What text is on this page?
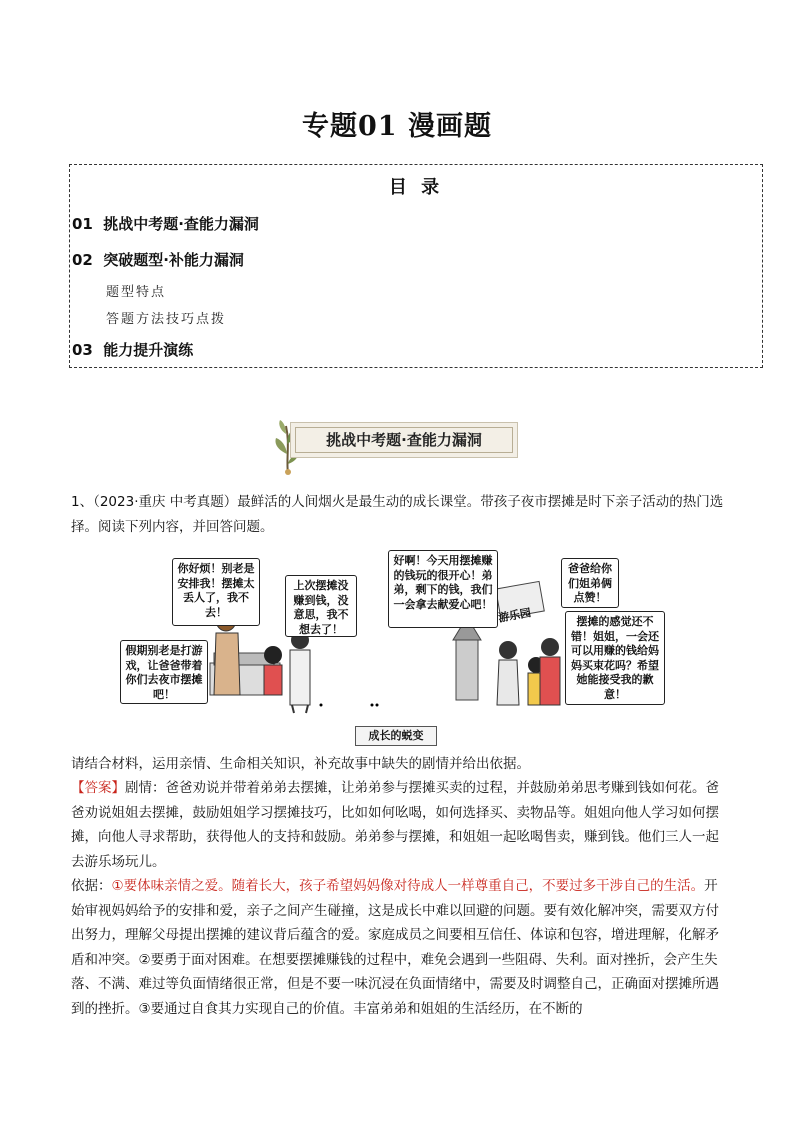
专题01 漫画题
目 录
01 挑战中考题·查能力漏洞
02 突破题型·补能力漏洞
题型特点
答题方法技巧点拨
03 能力提升演练
挑战中考题·查能力漏洞
1、（2023·重庆 中考真题）最鲜活的人间烟火是最生动的成长课堂。带孩子夜市摆摊是时下亲子活动的热门选择。阅读下列内容，并回答问题。
你好烦！别老是安排我！摆摊太丢人了，我不去！
上次摆摊没赚到钱，没意思，我不想去了！
假期别老是打游戏，让爸爸带着你们去夜市摆摊吧！
好啊！今天用摆摊赚的钱玩的很开心！弟弟，剩下的钱，我们一会拿去献爱心吧！
爸爸给你们姐弟俩点赞！
摆摊的感觉还不错！姐姐，一会还可以用赚的钱给妈妈买束花吗？希望她能接受我的歉意！
游乐园
成长的蜕变
请结合材料，运用亲情、生命相关知识，补充故事中缺失的剧情并给出依据。
【答案】剧情：爸爸劝说并带着弟弟去摆摊，让弟弟参与摆摊买卖的过程，并鼓励弟弟思考赚到钱如何花。爸爸劝说姐姐去摆摊，鼓励姐姐学习摆摊技巧，比如如何吆喝，如何选择买、卖物品等。姐姐向他人学习如何摆摊，向他人寻求帮助，获得他人的支持和鼓励。弟弟参与摆摊，和姐姐一起吆喝售卖，赚到钱。他们三人一起去游乐场玩儿。
依据：①要体味亲情之爱。随着长大，孩子希望妈妈像对待成人一样尊重自己，不要过多干涉自己的生活。开始审视妈妈给予的安排和爱，亲子之间产生碰撞，这是成长中难以回避的问题。要有效化解冲突，需要双方付出努力，理解父母提出摆摊的建议背后蕴含的爱。家庭成员之间要相互信任、体谅和包容，增进理解，化解矛盾和冲突。②要勇于面对困难。在想要摆摊赚钱的过程中，难免会遇到一些阻碍、失利。面对挫折，会产生失落、不满、难过等负面情绪很正常，但是不要一味沉浸在负面情绪中，需要及时调整自己，正确面对摆摊所遇到的挫折。③要通过自食其力实现自己的价值。丰富弟弟和姐姐的生活经历，在不断的
